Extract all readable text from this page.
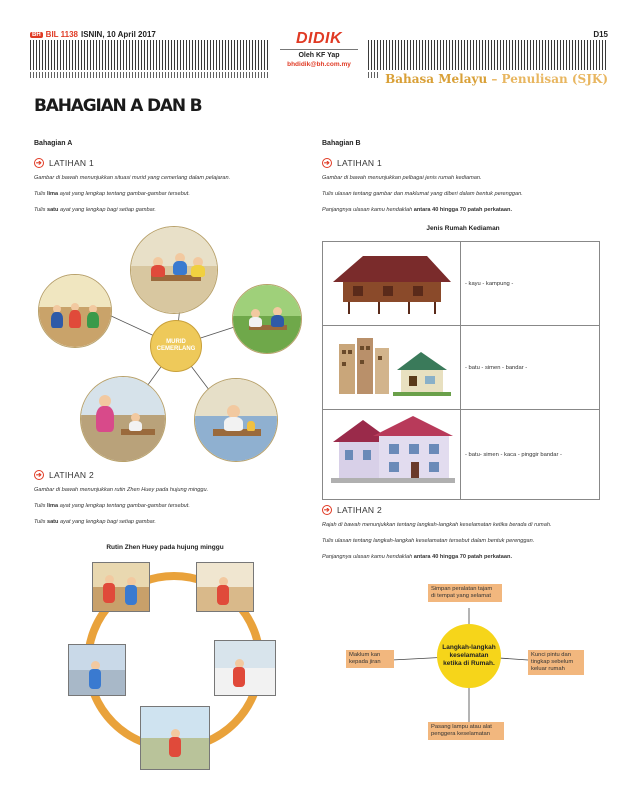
BH BIL 1138 ISNIN, 10 April 2017	DIDIK
Oleh KF Yap
bhdidik@bh.com.my
D15
Bahasa Melayu – Penulisan (SJK)
BAHAGIAN A DAN B
Bahagian A
➔ LATIHAN 1
Gambar di bawah menunjukkan situasi murid yang cemerlang dalam pelajaran.
Tulis lima ayat yang lengkap tentang gambar-gambar tersebut.
Tulis satu ayat yang lengkap bagi setiap gambar.
MURID
CEMERLANG
➔ LATIHAN 2
Gambar di bawah menunjukkan rutin Zhen Huey pada hujung minggu.
Tulis lima ayat yang lengkap tentang gambar-gambar tersebut.
Tulis satu ayat yang lengkap bagi setiap gambar.
Rutin Zhen Huey pada hujung minggu
Bahagian B
➔ LATIHAN 1
Gambar di bawah menunjukkan pelbagai jenis rumah kediaman.
Tulis ulasan tentang gambar dan maklumat yang diberi dalam bentuk perenggan.
Panjangnya ulasan kamu hendaklah antara 40 hingga 70 patah perkataan.
Jenis Rumah Kediaman
	- kayu - kampung -
	- batu - simen - bandar -
	- batu- simen - kaca - pinggir bandar -
➔ LATIHAN 2
Rajah di bawah menunjukkan tentang langkah-langkah keselamatan ketika berada di rumah.
Tulis ulasan tentang langkah-langkah keselamatan tersebut dalam bentuk perenggan.
Panjangnya ulasan kamu hendaklah antara 40 hingga 70 patah perkataan.
Simpan peralatan tajam
di tempat yang selamat
Maklum kan
kepada jiran
Kunci pintu dan
tingkap sebelum
keluar rumah
Pasang lampu atau alat
penggera keselamatan
Langkah-langkah
keselamatan
ketika di Rumah.
